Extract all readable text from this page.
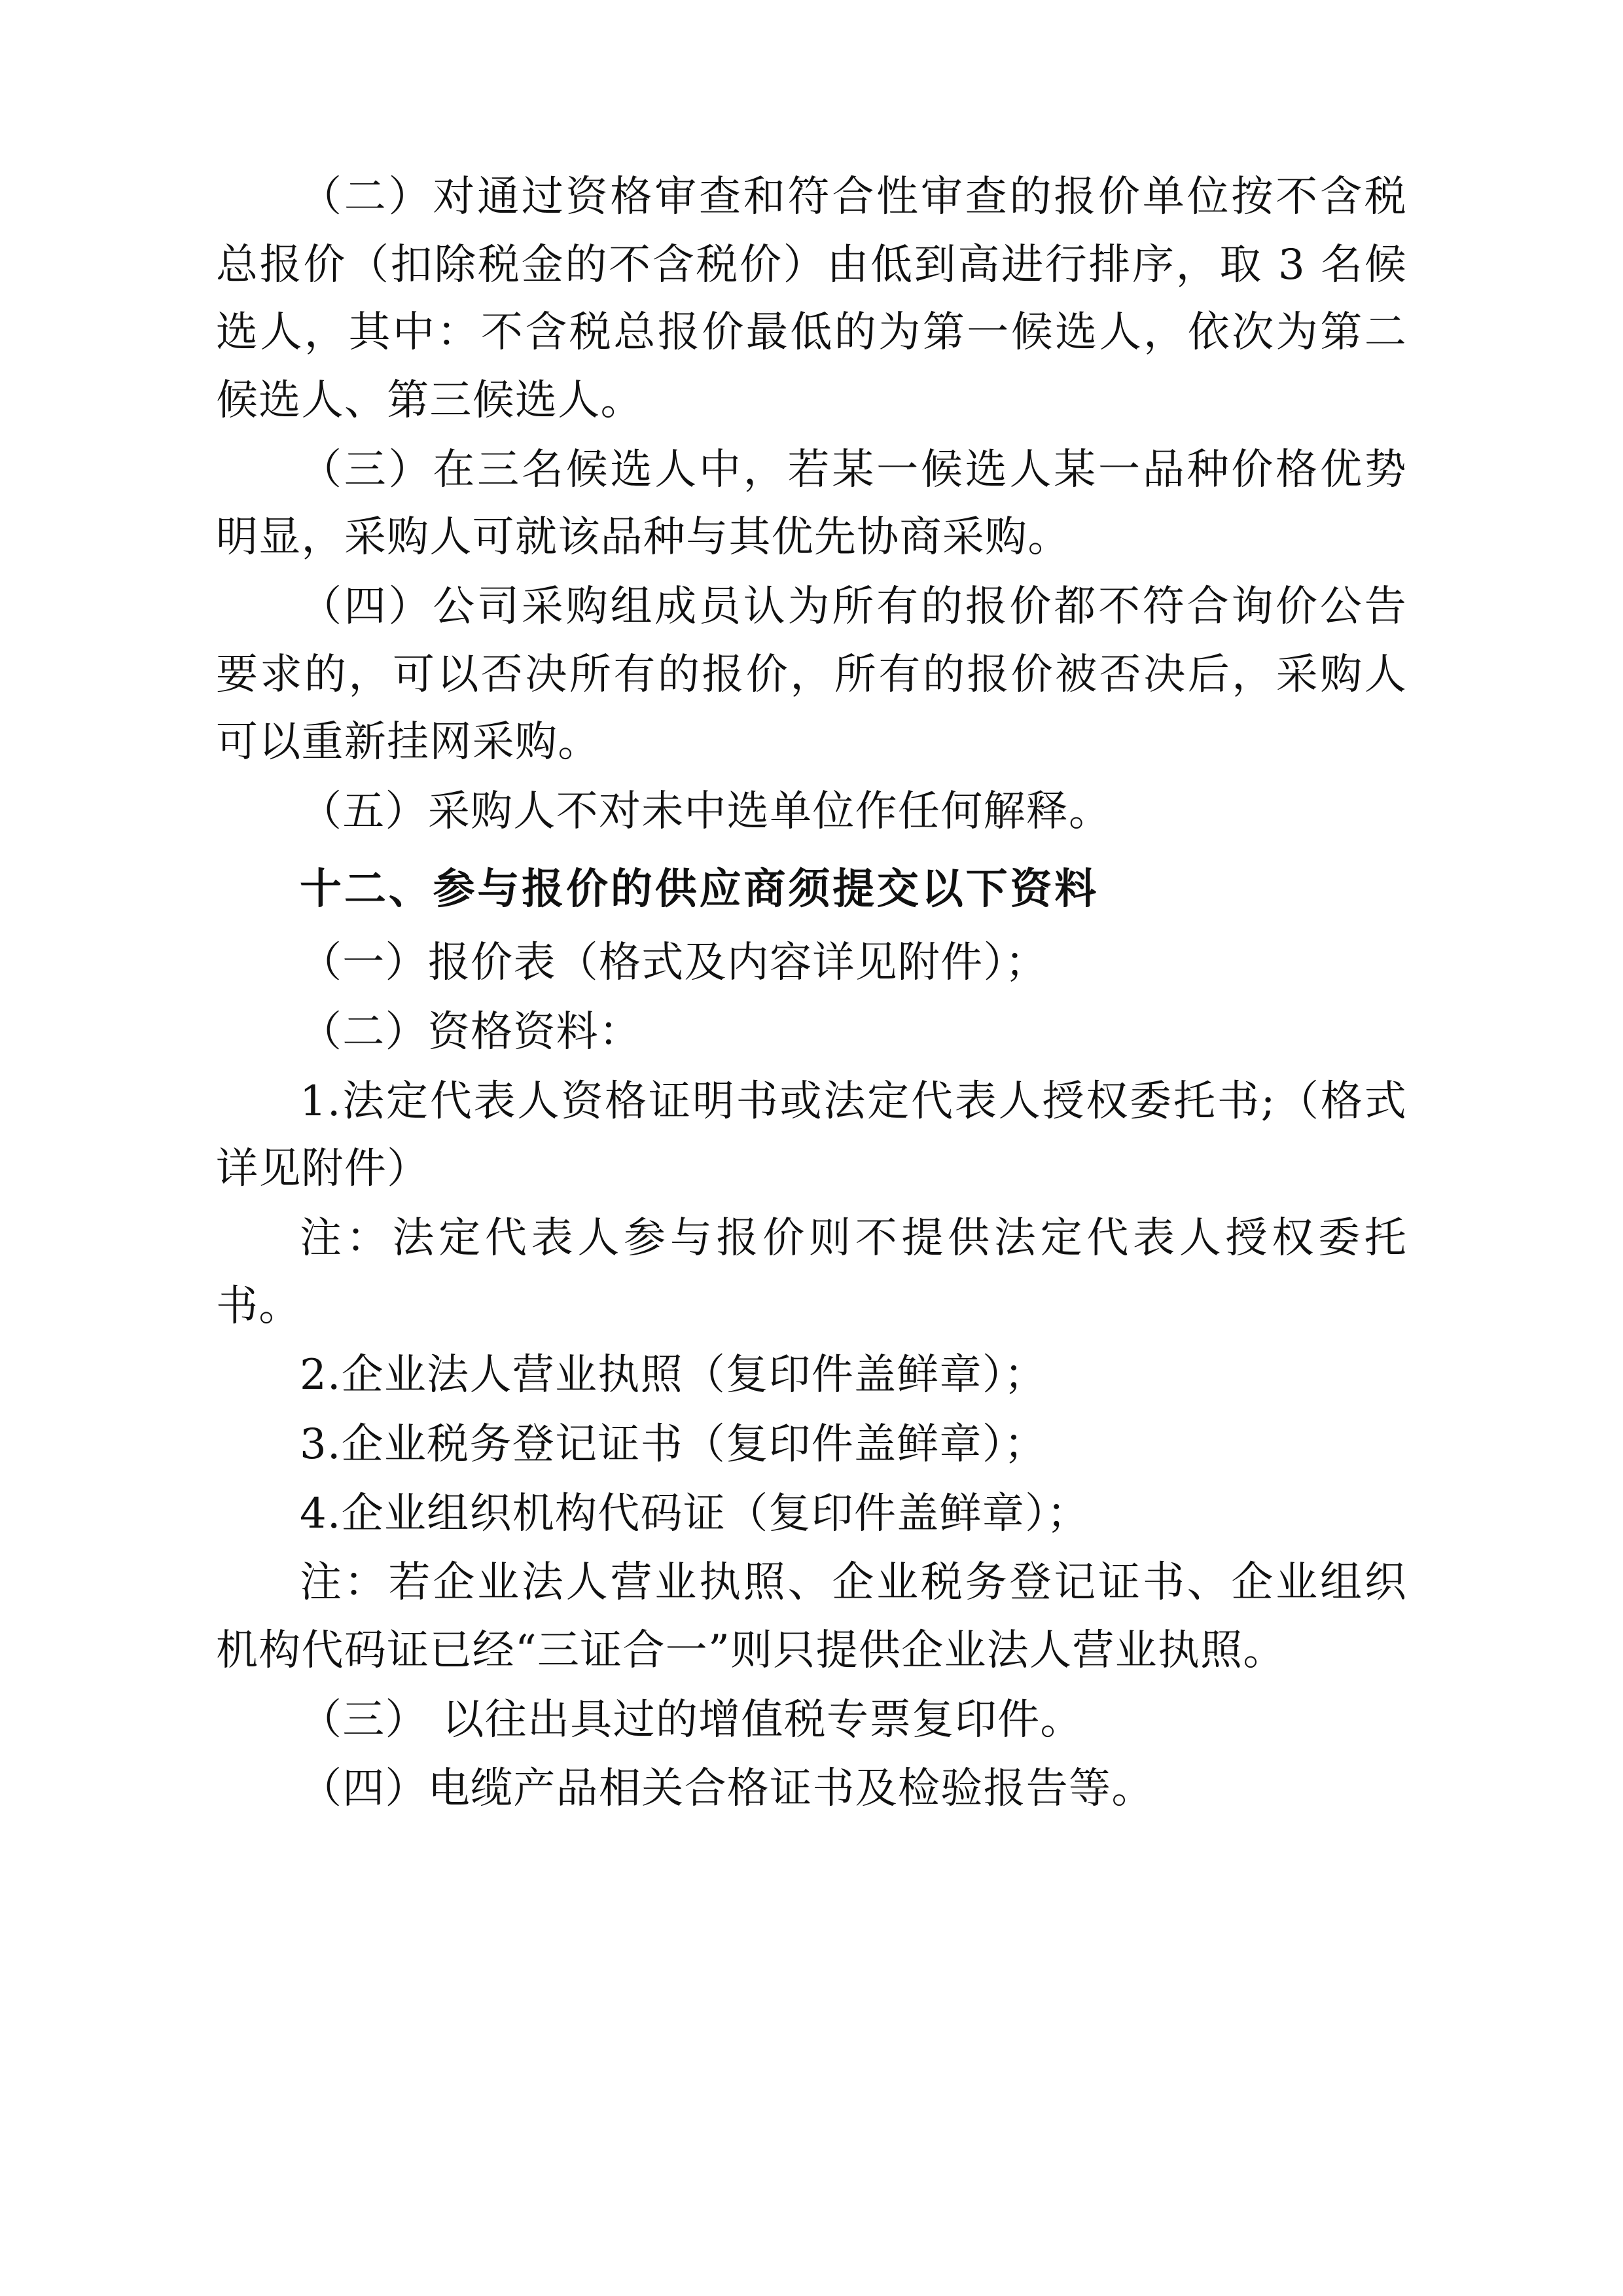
（二）对通过资格审查和符合性审查的报价单位按不含税总报价（扣除税金的不含税价）由低到高进行排序，取 3 名候选人，其中：不含税总报价最低的为第一候选人，依次为第二候选人、第三候选人。

（三）在三名候选人中，若某一候选人某一品种价格优势明显，采购人可就该品种与其优先协商采购。

（四）公司采购组成员认为所有的报价都不符合询价公告要求的，可以否决所有的报价，所有的报价被否决后，采购人可以重新挂网采购。

（五）采购人不对未中选单位作任何解释。

十二、参与报价的供应商须提交以下资料

（一）报价表（格式及内容详见附件）；

（二）资格资料：

1.法定代表人资格证明书或法定代表人授权委托书;（格式详见附件）

注：法定代表人参与报价则不提供法定代表人授权委托书。

2.企业法人营业执照（复印件盖鲜章）；

3.企业税务登记证书（复印件盖鲜章）；

4.企业组织机构代码证（复印件盖鲜章）；

注：若企业法人营业执照、企业税务登记证书、企业组织机构代码证已经“三证合一”则只提供企业法人营业执照。

（三） 以往出具过的增值税专票复印件。

（四）电缆产品相关合格证书及检验报告等。
